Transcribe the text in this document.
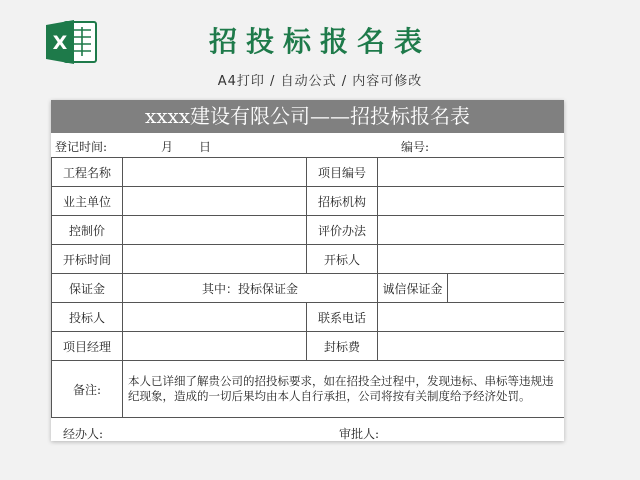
X	招投标报名表
A4打印 / 自动公式 / 内容可修改
xxxx建设有限公司——招投标报名表
登记时间:	月 日	编号:
工程名称		项目编号		
业主单位		招标机构		
控制价		评价办法		
开标时间		开标人		
保证金	其中：投标保证金		诚信保证金	
投标人		联系电话		
项目经理		封标费		
备注:	本人已详细了解贵公司的招投标要求，如在招投全过程中，发现违标、串标等违规违纪现象，造成的一切后果均由本人自行承担，公司将按有关制度给予经济处罚。			
经办人:	审批人:
